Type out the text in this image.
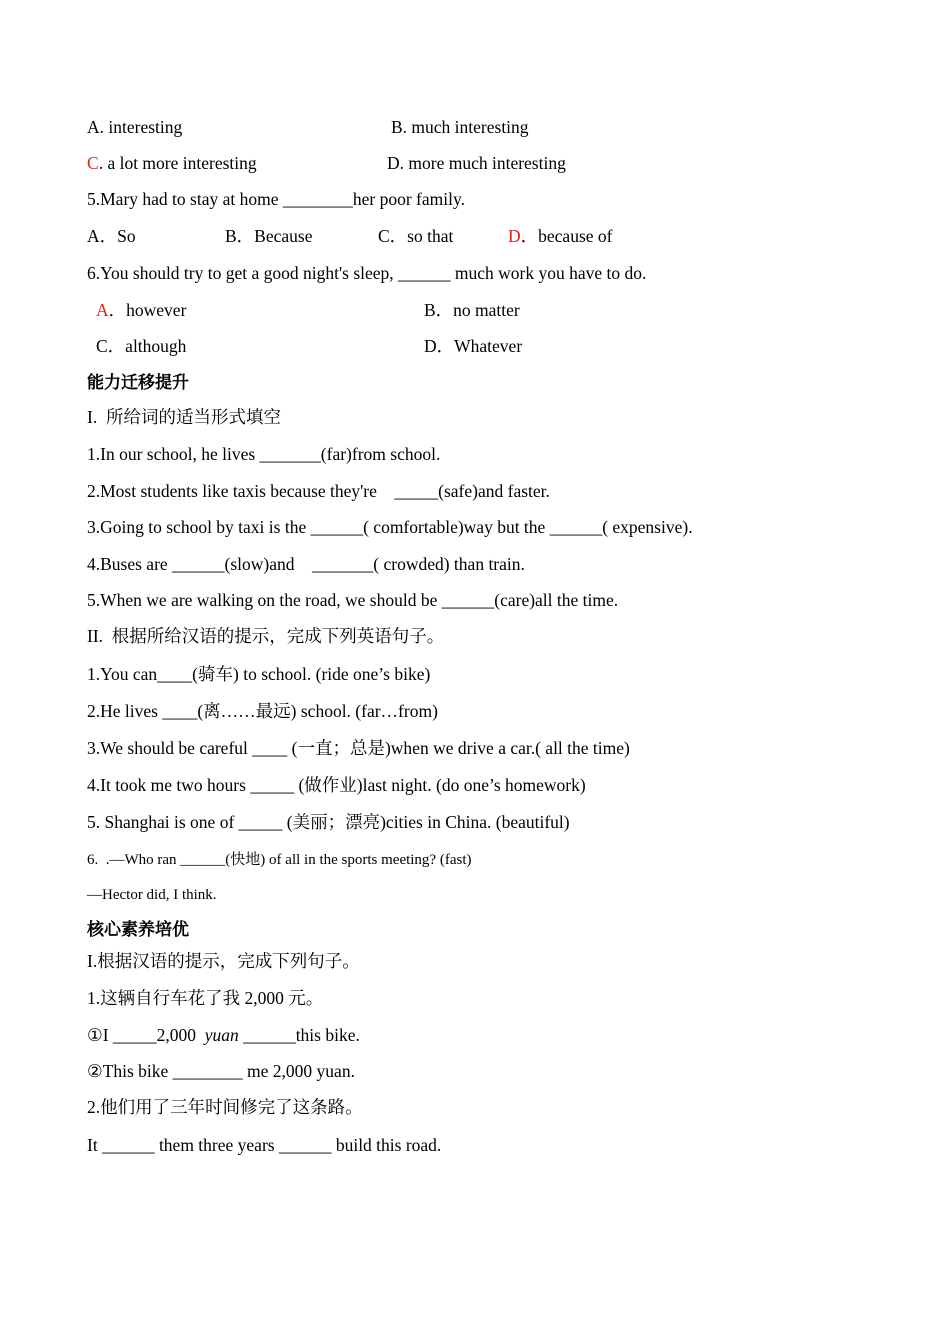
A. interesting	B. much interesting
C. a lot more interesting	D. more much interesting
5.Mary had to stay at home ________her poor family.
A．So	B．Because	C．so that	D．because of
6.You should try to get a good night's sleep, ______ much work you have to do.
A．however	B．no matter
C．although	D．Whatever
能力迁移提升
I.  所给词的适当形式填空
1.In our school, he lives _______(far)from school.
2.Most students like taxis because they're    _____(safe)and faster.
3.Going to school by taxi is the ______( comfortable)way but the ______( expensive).
4.Buses are ______(slow)and    _______( crowded) than train.
5.When we are walking on the road, we should be ______(care)all the time.
II.  根据所给汉语的提示，完成下列英语句子。
1.You can____(骑车) to school. (ride one’s bike)
2.He lives ____(离……最远) school. (far…from)
3.We should be careful ____ (一直；总是)when we drive a car.( all the time)
4.It took me two hours _____ (做作业)last night. (do one’s homework)
5. Shanghai is one of _____ (美丽；漂亮)cities in China. (beautiful)
6.  .—Who ran ______(快地) of all in the sports meeting? (fast)
—Hector did, I think.
核心素养培优
I.根据汉语的提示，完成下列句子。
1.这辆自行车花了我 2,000 元。
①I _____2,000  yuan ______this bike.
②This bike ________ me 2,000 yuan.
2.他们用了三年时间修完了这条路。
It ______ them three years ______ build this road.
